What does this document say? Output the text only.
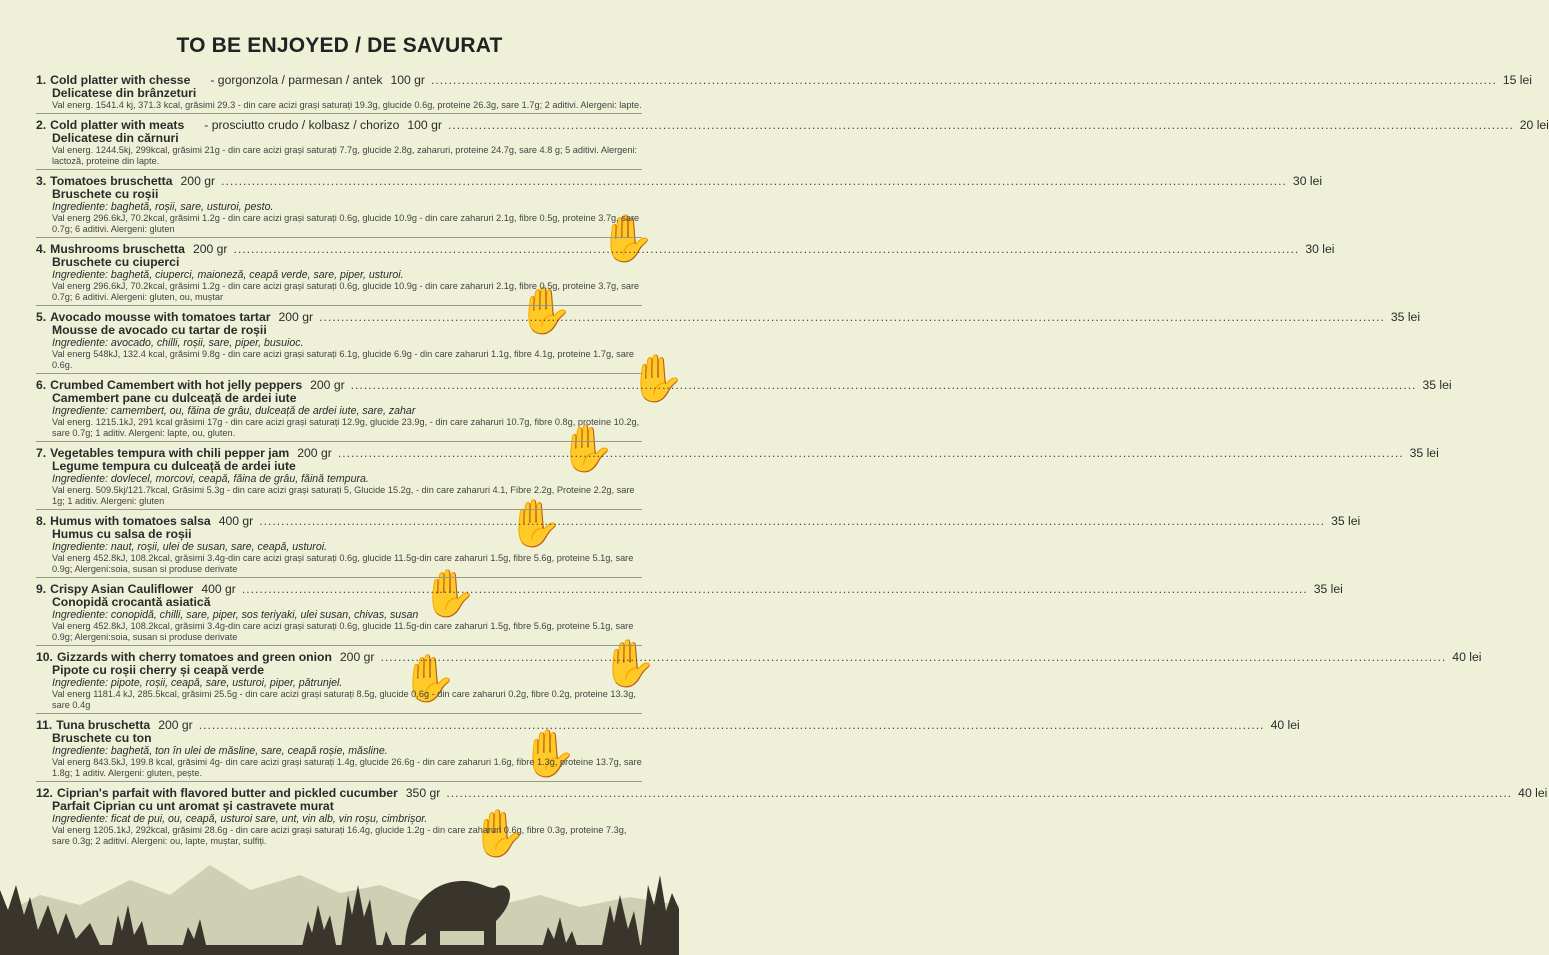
✋
✋
✋
✋
✋
✋
✋
✋
✋
✋
TO BE ENJOYED / DE SAVURAT
1. Cold platter with chesse - gorgonzola / parmesan / antek 100 gr .....	15 lei
Delicatese din brânzeturi
Val energ. 1541.4 kj, 371.3 kcal, grăsimi 29.3 - din care acizi grași saturați 19.3g, glucide 0.6g, proteine 26.3g, sare 1.7g; 2 aditivi. Alergeni: lapte.
2. Cold platter with meats - prosciutto crudo / kolbasz / chorizo 100 gr .....	20 lei
Delicatese din cărnuri
Val energ. 1244.5kj, 299kcal, grăsimi 21g - din care acizi grași saturați 7.7g, glucide 2.8g, zaharuri, proteine 24.7g, sare 4.8 g; 5 aditivi. Alergeni: lactoză, proteine din lapte.
3. Tomatoes bruschetta 200 gr .....	30 lei
Bruschete cu roșii
Ingrediente: baghetă, roșii, sare, usturoi, pesto.
Val energ 296.6kJ, 70.2kcal, grăsimi 1.2g - din care acizi grași saturați 0.6g, glucide 10.9g - din care zaharuri 2.1g, fibre 0.5g, proteine 3.7g, sare 0.7g; 6 aditivi. Alergeni: gluten
4. Mushrooms bruschetta 200 gr .....	30 lei
Bruschete cu ciuperci
Ingrediente: baghetă, ciuperci, maioneză, ceapă verde, sare, piper, usturoi.
Val energ 296.6kJ, 70.2kcal, grăsimi 1.2g - din care acizi grași saturați 0.6g, glucide 10.9g - din care zaharuri 2.1g, fibre 0.5g, proteine 3.7g, sare 0.7g; 6 aditivi. Alergeni: gluten, ou, muștar
5. Avocado mousse with tomatoes tartar 200 gr .....	35 lei
Mousse de avocado cu tartar de roșii
Ingrediente: avocado, chilli, roșii, sare, piper, busuioc.
Val energ 548kJ, 132.4 kcal, grăsimi 9.8g - din care acizi grași saturați 6.1g, glucide 6.9g - din care zaharuri 1.1g, fibre 4.1g, proteine 1.7g, sare 0.6g.
6. Crumbed Camembert with hot jelly peppers 200 gr .....	35 lei
Camembert pane cu dulceață de ardei iute
Ingrediente: camembert, ou, făina de grâu, dulceață de ardei iute, sare, zahar
Val energ. 1215.1kJ, 291 kcal grăsimi 17g - din care acizi grași saturați 12.9g, glucide 23.9g, - din care zaharuri 10.7g, fibre 0.8g, proteine 10.2g, sare 0.7g; 1 aditiv. Alergeni: lapte, ou, gluten.
7. Vegetables tempura with chili pepper jam 200 gr .....	35 lei
Legume tempura cu dulceață de ardei iute
Ingrediente: dovlecel, morcovi, ceapă, făina de grâu, făină tempura.
Val energ. 509.5kj/121.7kcal, Grăsimi 5.3g - din care acizi grași saturați 5, Glucide 15.2g, - din care zaharuri 4.1, Fibre 2.2g, Proteine 2.2g, sare 1g; 1 aditiv. Alergeni: gluten
8. Humus with tomatoes salsa 400 gr .....	35 lei
Humus cu salsa de roșii
Ingrediente: naut, roșii, ulei de susan, sare, ceapă, usturoi.
Val energ 452.8kJ, 108.2kcal, grăsimi 3.4g-din care acizi grași saturați 0.6g, glucide 11.5g-din care zaharuri 1.5g, fibre 5.6g, proteine 5.1g, sare 0.9g; Alergeni:soia, susan si produse derivate
9. Crispy Asian Cauliflower 400 gr .....	35 lei
Conopidă crocantă asiatică
Ingrediente: conopidă, chilli, sare, piper, sos teriyaki, ulei susan, chivas, susan
Val energ 452.8kJ, 108.2kcal, grăsimi 3.4g-din care acizi grași saturați 0.6g, glucide 11.5g-din care zaharuri 1.5g, fibre 5.6g, proteine 5.1g, sare 0.9g; Alergeni:soia, susan si produse derivate
10. Gizzards with cherry tomatoes and green onion 200 gr .....	40 lei
Pipote cu roșii cherry și ceapă verde
Ingrediente: pipote, roșii, ceapă, sare, usturoi, piper, pătrunjel.
Val energ 1181.4 kJ, 285.5kcal, grăsimi 25.5g - din care acizi grași saturați 8.5g, glucide 0.6g - din care zaharuri 0.2g, fibre 0.2g, proteine 13.3g, sare 0.4g
11. Tuna bruschetta 200 gr .....	40 lei
Bruschete cu ton
Ingrediente: baghetă, ton în ulei de măsline, sare, ceapă roșie, măsline.
Val energ 843.5kJ, 199.8 kcal, grăsimi 4g- din care acizi grași saturați 1.4g, glucide 26.6g - din care zaharuri 1.6g, fibre 1.3g, proteine 13.7g, sare 1.8g; 1 aditiv. Alergeni: gluten, pește.
12. Ciprian's parfait with flavored butter and pickled cucumber 350 gr .....	40 lei
Parfait Ciprian cu unt aromat și castravete murat
Ingrediente: ficat de pui, ou, ceapă, usturoi sare, unt, vin alb, vin roșu, cimbrișor.
Val energ 1205.1kJ, 292kcal, grăsimi 28.6g - din care acizi grași saturați 16.4g, glucide 1.2g - din care zaharuri 0.6g, fibre 0.3g, proteine 7.3g, sare 0.3g; 2 aditivi. Alergeni: ou, lapte, muștar, sulfiți.
